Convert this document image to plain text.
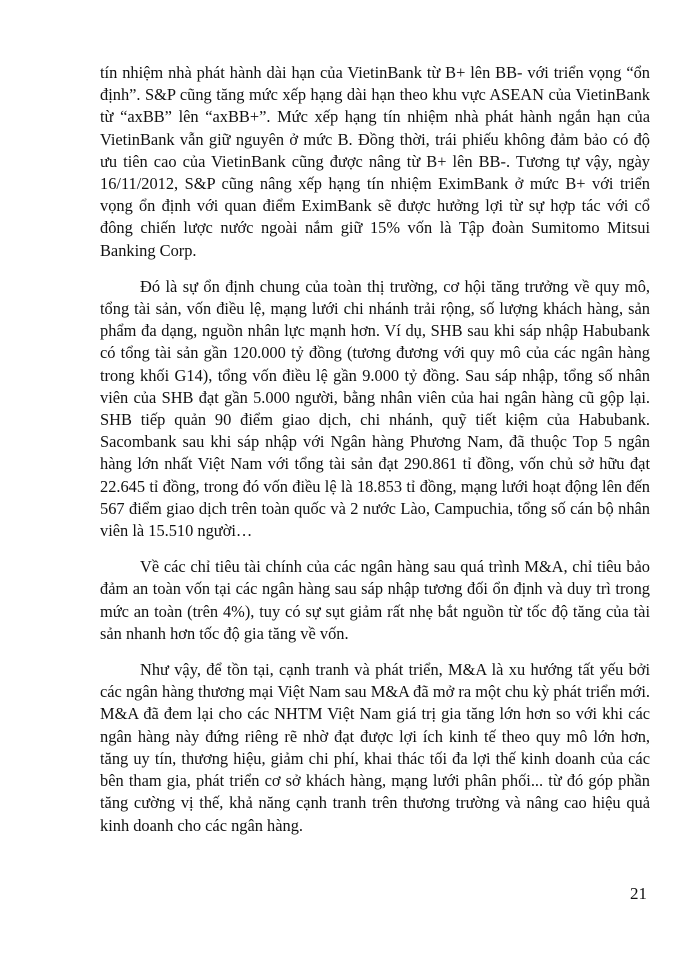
tín nhiệm nhà phát hành dài hạn của VietinBank từ B+ lên BB- với triển vọng “ổn định”. S&P cũng tăng mức xếp hạng dài hạn theo khu vực ASEAN của VietinBank từ “axBB” lên “axBB+”. Mức xếp hạng tín nhiệm nhà phát hành ngắn hạn của VietinBank vẫn giữ nguyên ở mức B. Đồng thời, trái phiếu không đảm bảo có độ ưu tiên cao của VietinBank cũng được nâng từ B+ lên BB-. Tương tự vậy, ngày 16/11/2012, S&P cũng nâng xếp hạng tín nhiệm EximBank ở mức B+ với triển vọng ổn định với quan điểm EximBank sẽ được hưởng lợi từ sự hợp tác với cổ đông chiến lược nước ngoài nắm giữ 15% vốn là Tập đoàn Sumitomo Mitsui Banking Corp.

Đó là sự ổn định chung của toàn thị trường, cơ hội tăng trưởng về quy mô, tổng tài sản, vốn điều lệ, mạng lưới chi nhánh trải rộng, số lượng khách hàng, sản phẩm đa dạng, nguồn nhân lực mạnh hơn. Ví dụ, SHB sau khi sáp nhập Habubank có tổng tài sản gần 120.000 tỷ đồng (tương đương với quy mô của các ngân hàng trong khối G14), tổng vốn điều lệ gần 9.000 tỷ đồng. Sau sáp nhập, tổng số nhân viên của SHB đạt gần 5.000 người, bằng nhân viên của hai ngân hàng cũ gộp lại. SHB tiếp quản 90 điểm giao dịch, chi nhánh, quỹ tiết kiệm của Habubank. Sacombank sau khi sáp nhập với Ngân hàng Phương Nam, đã thuộc Top 5 ngân hàng lớn nhất Việt Nam với tổng tài sản đạt 290.861 tỉ đồng, vốn chủ sở hữu đạt 22.645 tỉ đồng, trong đó vốn điều lệ là 18.853 tỉ đồng, mạng lưới hoạt động lên đến 567 điểm giao dịch trên toàn quốc và 2 nước Lào, Campuchia, tổng số cán bộ nhân viên là 15.510 người…

Về các chỉ tiêu tài chính của các ngân hàng sau quá trình M&A, chỉ tiêu bảo đảm an toàn vốn tại các ngân hàng sau sáp nhập tương đối ổn định và duy trì trong mức an toàn (trên 4%), tuy có sự sụt giảm rất nhẹ bắt nguồn từ tốc độ tăng của tài sản nhanh hơn tốc độ gia tăng về vốn.

Như vậy, để tồn tại, cạnh tranh và phát triển, M&A là xu hướng tất yếu bởi các ngân hàng thương mại Việt Nam sau M&A đã mở ra một chu kỳ phát triển mới. M&A đã đem lại cho các NHTM Việt Nam giá trị gia tăng lớn hơn so với khi các ngân hàng này đứng riêng rẽ nhờ đạt được lợi ích kinh tế theo quy mô lớn hơn, tăng uy tín, thương hiệu, giảm chi phí, khai thác tối đa lợi thế kinh doanh của các bên tham gia, phát triển cơ sở khách hàng, mạng lưới phân phối... từ đó góp phần tăng cường vị thế, khả năng cạnh tranh trên thương trường và nâng cao hiệu quả kinh doanh cho các ngân hàng.

21
